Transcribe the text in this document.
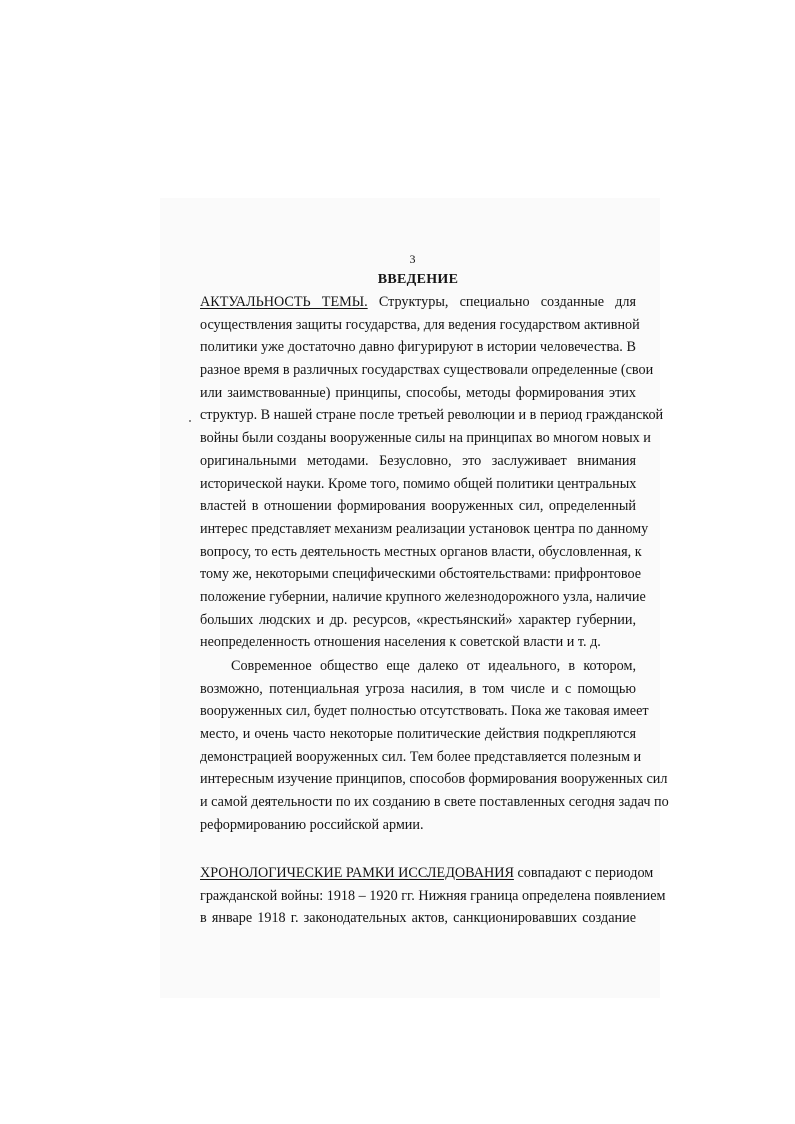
3
ВВЕДЕНИЕ
АКТУАЛЬНОСТЬ ТЕМЫ. Структуры, специально созданные для
осуществления защиты государства, для ведения государством активной
политики уже достаточно давно фигурируют в истории человечества. В
разное время в различных государствах существовали определенные (свои
или заимствованные) принципы, способы, методы формирования этих
структур. В нашей стране после третьей революции и в период гражданской
войны были созданы вооруженные силы на принципах во многом новых и
оригинальными методами. Безусловно, это заслуживает внимания
исторической науки. Кроме того, помимо общей политики центральных
властей в отношении формирования вооруженных сил, определенный
интерес представляет механизм реализации установок центра по данному
вопросу, то есть деятельность местных органов власти, обусловленная, к
тому же, некоторыми специфическими обстоятельствами: прифронтовое
положение губернии, наличие крупного железнодорожного узла, наличие
больших людских и др. ресурсов, «крестьянский» характер губернии,
неопределенность отношения населения к советской власти и т. д.
Современное общество еще далеко от идеального, в котором,
возможно, потенциальная угроза насилия, в том числе и с помощью
вооруженных сил, будет полностью отсутствовать. Пока же таковая имеет
место, и очень часто некоторые политические действия подкрепляются
демонстрацией вооруженных сил. Тем более представляется полезным и
интересным изучение принципов, способов формирования вооруженных сил
и самой деятельности по их созданию в свете поставленных сегодня задач по
реформированию российской армии.
ХРОНОЛОГИЧЕСКИЕ РАМКИ ИССЛЕДОВАНИЯ совпадают с периодом
гражданской войны: 1918 – 1920 гг. Нижняя граница определена появлением
в январе 1918 г. законодательных актов, санкционировавших создание
